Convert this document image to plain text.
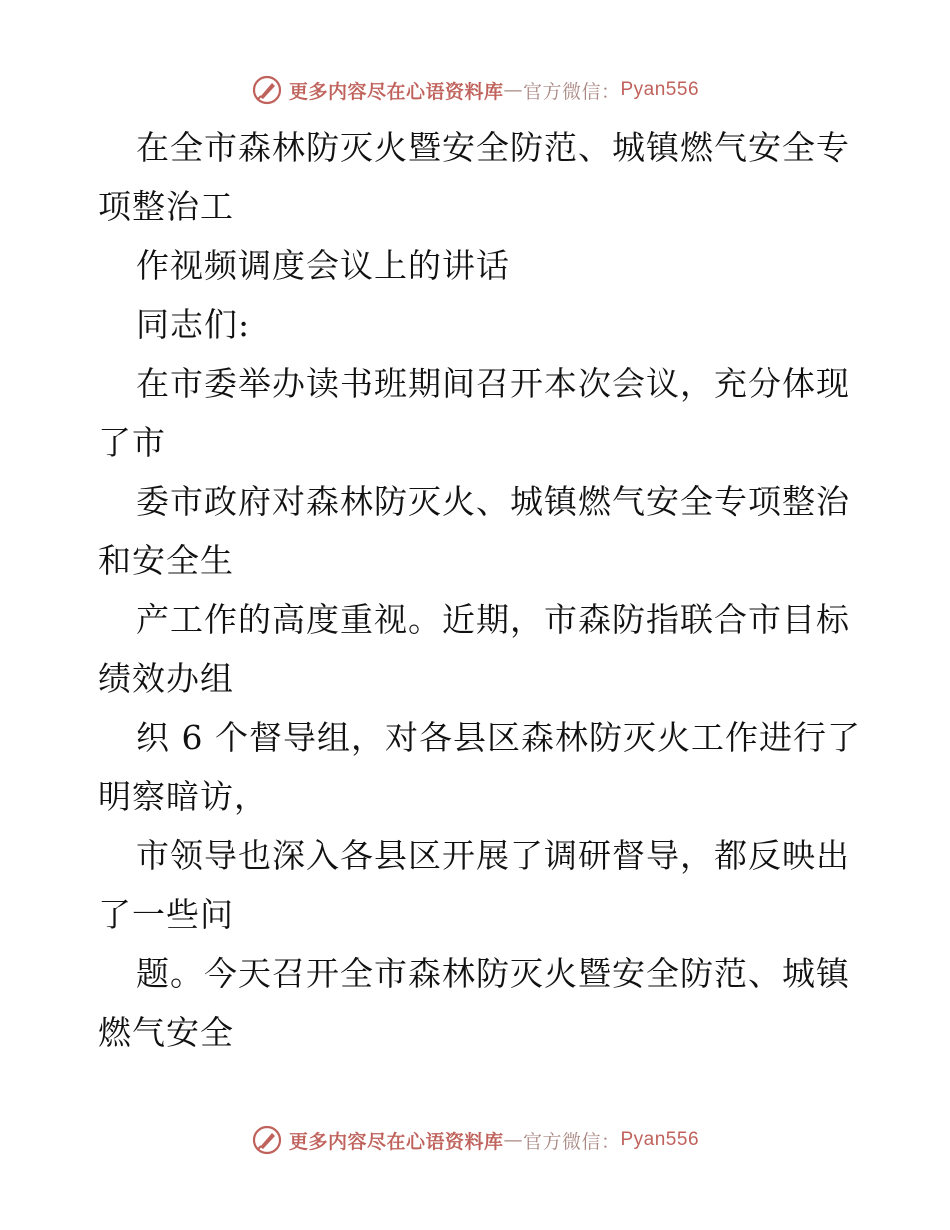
更多内容尽在心语资料库 — 官方微信： Pyan556
在全市森林防灭火暨安全防范、城镇燃气安全专
项整治工
作视频调度会议上的讲话
同志们:
在市委举办读书班期间召开本次会议，充分体现
了市
委市政府对森林防灭火、城镇燃气安全专项整治
和安全生
产工作的高度重视。近期，市森防指联合市目标
绩效办组
织 6 个督导组，对各县区森林防灭火工作进行了
明察暗访，
市领导也深入各县区开展了调研督导，都反映出
了一些问
题。今天召开全市森林防灭火暨安全防范、城镇
燃气安全
更多内容尽在心语资料库 — 官方微信： Pyan556
